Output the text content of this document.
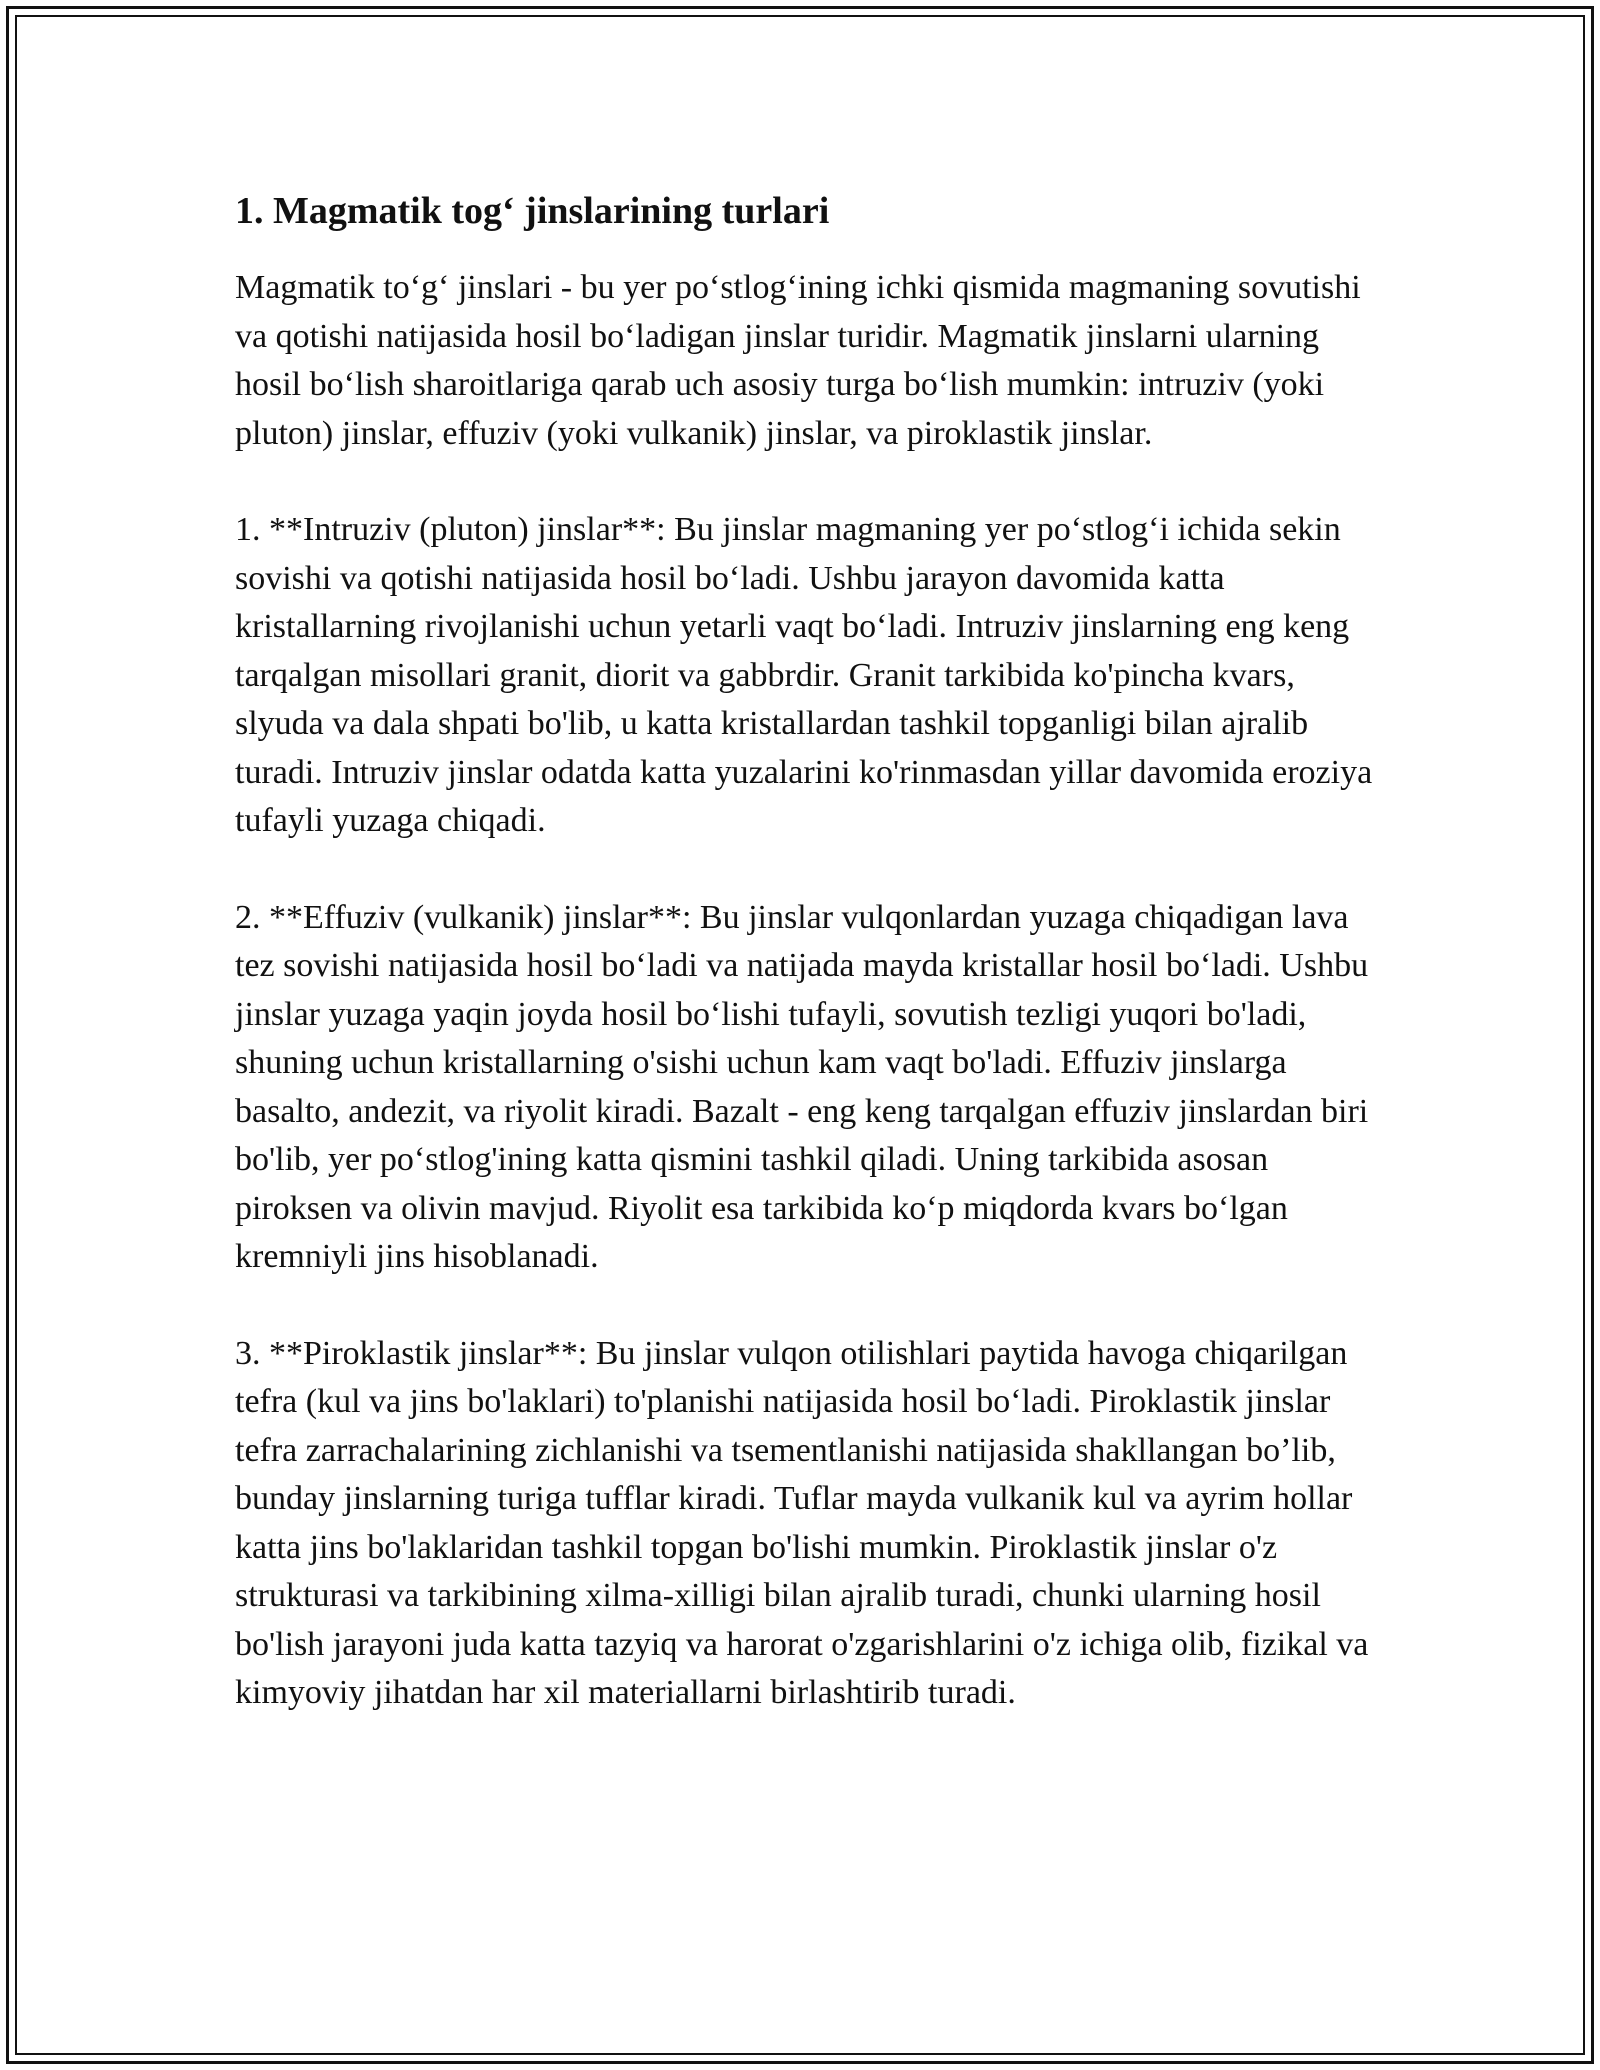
1. Magmatik tog‘ jinslarining turlari

Magmatik to‘g‘ jinslari - bu yer po‘stlog‘ining ichki qismida magmaning sovutishi va qotishi natijasida hosil bo‘ladigan jinslar turidir. Magmatik jinslarni ularning hosil bo‘lish sharoitlariga qarab uch asosiy turga bo‘lish mumkin: intruziv (yoki pluton) jinslar, effuziv (yoki vulkanik) jinslar, va piroklastik jinslar.

1. **Intruziv (pluton) jinslar**: Bu jinslar magmaning yer po‘stlog‘i ichida sekin sovishi va qotishi natijasida hosil bo‘ladi. Ushbu jarayon davomida katta kristallarning rivojlanishi uchun yetarli vaqt bo‘ladi. Intruziv jinslarning eng keng tarqalgan misollari granit, diorit va gabbrdir. Granit tarkibida ko'pincha kvars, slyuda va dala shpati bo'lib, u katta kristallardan tashkil topganligi bilan ajralib turadi. Intruziv jinslar odatda katta yuzalarini ko'rinmasdan yillar davomida eroziya tufayli yuzaga chiqadi.

2. **Effuziv (vulkanik) jinslar**: Bu jinslar vulqonlardan yuzaga chiqadigan lava tez sovishi natijasida hosil bo‘ladi va natijada mayda kristallar hosil bo‘ladi. Ushbu jinslar yuzaga yaqin joyda hosil bo‘lishi tufayli, sovutish tezligi yuqori bo'ladi, shuning uchun kristallarning o'sishi uchun kam vaqt bo'ladi. Effuziv jinslarga basalto, andezit, va riyolit kiradi. Bazalt - eng keng tarqalgan effuziv jinslardan biri bo'lib, yer po‘stlog'ining katta qismini tashkil qiladi. Uning tarkibida asosan piroksen va olivin mavjud. Riyolit esa tarkibida ko‘p miqdorda kvars bo‘lgan kremniyli jins hisoblanadi.

3. **Piroklastik jinslar**: Bu jinslar vulqon otilishlari paytida havoga chiqarilgan tefra (kul va jins bo'laklari) to'planishi natijasida hosil bo‘ladi. Piroklastik jinslar tefra zarrachalarining zichlanishi va tsementlanishi natijasida shakllangan bo’lib, bunday jinslarning turiga tufflar kiradi. Tuflar mayda vulkanik kul va ayrim hollar katta jins bo'laklaridan tashkil topgan bo'lishi mumkin. Piroklastik jinslar o'z strukturasi va tarkibining xilma-xilligi bilan ajralib turadi, chunki ularning hosil bo'lish jarayoni juda katta tazyiq va harorat o'zgarishlarini o'z ichiga olib, fizikal va kimyoviy jihatdan har xil materiallarni birlashtirib turadi.
